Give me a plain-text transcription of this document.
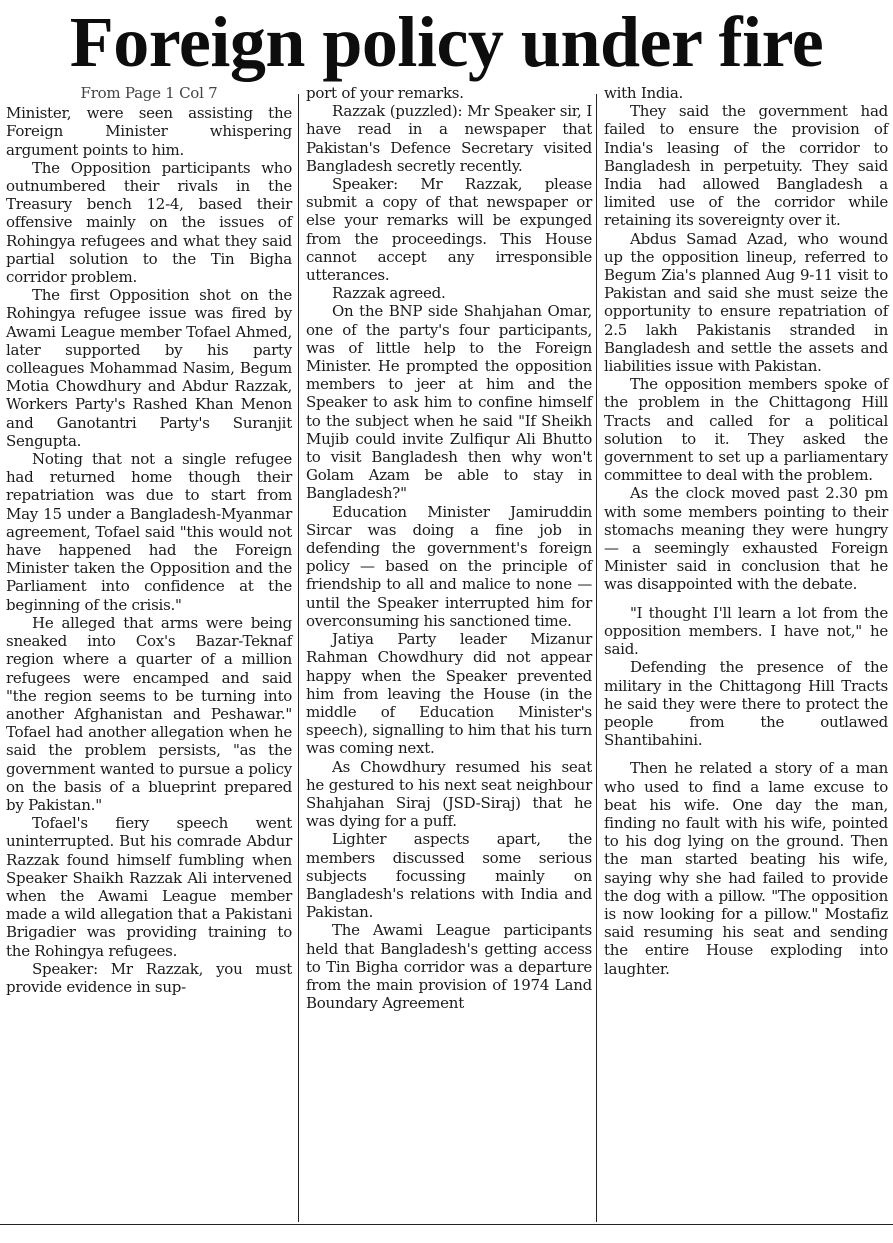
Foreign policy under fire
From Page 1 Col 7

Minister, were seen assisting the Foreign Minister whispering argument points to him.

The Opposition participants who outnumbered their rivals in the Treasury bench 12-4, based their offensive mainly on the issues of Rohingya refugees and what they said partial solution to the Tin Bigha corridor problem.

The first Opposition shot on the Rohingya refugee issue was fired by Awami League member Tofael Ahmed, later supported by his party colleagues Mohammad Nasim, Begum Motia Chowdhury and Abdur Razzak, Workers Party's Rashed Khan Menon and Ganotantri Party's Suranjit Sengupta.

Noting that not a single refugee had returned home though their repatriation was due to start from May 15 under a Bangladesh-Myanmar agreement, Tofael said "this would not have happened had the Foreign Minister taken the Opposition and the Parliament into confidence at the beginning of the crisis."

He alleged that arms were being sneaked into Cox's Bazar-Teknaf region where a quarter of a million refugees were encamped and said "the region seems to be turning into another Afghanistan and Peshawar." Tofael had another allegation when he said the problem persists, "as the government wanted to pursue a policy on the basis of a blueprint prepared by Pakistan."

Tofael's fiery speech went uninterrupted. But his comrade Abdur Razzak found himself fumbling when Speaker Shaikh Razzak Ali intervened when the Awami League member made a wild allegation that a Pakistani Brigadier was providing training to the Rohingya refugees.

Speaker: Mr Razzak, you must provide evidence in sup-

port of your remarks.

Razzak (puzzled): Mr Speaker sir, I have read in a newspaper that Pakistan's Defence Secretary visited Bangladesh secretly recently.

Speaker: Mr Razzak, please submit a copy of that newspaper or else your remarks will be expunged from the proceedings. This House cannot accept any irresponsible utterances.

Razzak agreed.

On the BNP side Shahjahan Omar, one of the party's four participants, was of little help to the Foreign Minister. He prompted the opposition members to jeer at him and the Speaker to ask him to confine himself to the subject when he said "If Sheikh Mujib could invite Zulfiqur Ali Bhutto to visit Bangladesh then why won't Golam Azam be able to stay in Bangladesh?"

Education Minister Jamiruddin Sircar was doing a fine job in defending the government's foreign policy — based on the principle of friendship to all and malice to none — until the Speaker interrupted him for overconsuming his sanctioned time.

Jatiya Party leader Mizanur Rahman Chowdhury did not appear happy when the Speaker prevented him from leaving the House (in the middle of Education Minister's speech), signalling to him that his turn was coming next.

As Chowdhury resumed his seat he gestured to his next seat neighbour Shahjahan Siraj (JSD-Siraj) that he was dying for a puff.

Lighter aspects apart, the members discussed some serious subjects focussing mainly on Bangladesh's relations with India and Pakistan.

The Awami League participants held that Bangladesh's getting access to Tin Bigha corridor was a departure from the main provision of 1974 Land Boundary Agreement

with India.

They said the government had failed to ensure the provision of India's leasing of the corridor to Bangladesh in perpetuity. They said India had allowed Bangladesh a limited use of the corridor while retaining its sovereignty over it.

Abdus Samad Azad, who wound up the opposition lineup, referred to Begum Zia's planned Aug 9-11 visit to Pakistan and said she must seize the opportunity to ensure repatriation of 2.5 lakh Pakistanis stranded in Bangladesh and settle the assets and liabilities issue with Pakistan.

The opposition members spoke of the problem in the Chittagong Hill Tracts and called for a political solution to it. They asked the government to set up a parliamentary committee to deal with the problem.

As the clock moved past 2.30 pm with some members pointing to their stomachs meaning they were hungry — a seemingly exhausted Foreign Minister said in conclusion that he was disappointed with the debate.

"I thought I'll learn a lot from the opposition members. I have not," he said.

Defending the presence of the military in the Chittagong Hill Tracts he said they were there to protect the people from the outlawed Shantibahini.

Then he related a story of a man who used to find a lame excuse to beat his wife. One day the man, finding no fault with his wife, pointed to his dog lying on the ground. Then the man started beating his wife, saying why she had failed to provide the dog with a pillow. "The opposition is now looking for a pillow." Mostafiz said resuming his seat and sending the entire House exploding into laughter.
